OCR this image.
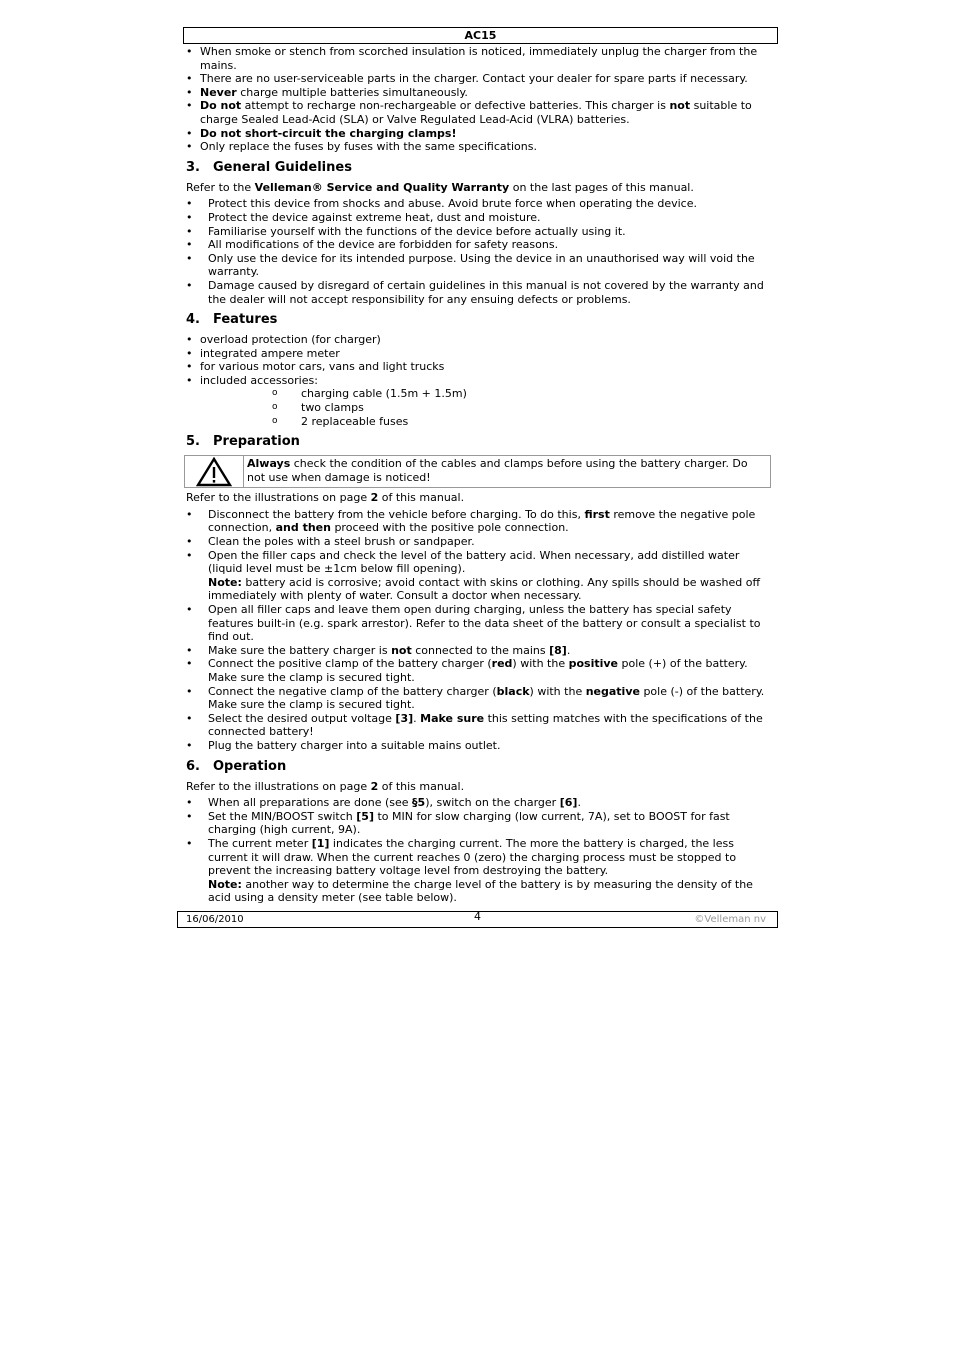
AC15
• When smoke or stench from scorched insulation is noticed, immediately unplug the charger from the mains.
• There are no user-serviceable parts in the charger. Contact your dealer for spare parts if necessary.
• Never charge multiple batteries simultaneously.
• Do not attempt to recharge non-rechargeable or defective batteries. This charger is not suitable to charge Sealed Lead-Acid (SLA) or Valve Regulated Lead-Acid (VLRA) batteries.
• Do not short-circuit the charging clamps!
• Only replace the fuses by fuses with the same specifications.
3. General Guidelines
Refer to the Velleman® Service and Quality Warranty on the last pages of this manual.
• Protect this device from shocks and abuse. Avoid brute force when operating the device.
• Protect the device against extreme heat, dust and moisture.
• Familiarise yourself with the functions of the device before actually using it.
• All modifications of the device are forbidden for safety reasons.
• Only use the device for its intended purpose. Using the device in an unauthorised way will void the warranty.
• Damage caused by disregard of certain guidelines in this manual is not covered by the warranty and the dealer will not accept responsibility for any ensuing defects or problems.
4. Features
• overload protection (for charger)
• integrated ampere meter
• for various motor cars, vans and light trucks
• included accessories:
o charging cable (1.5m + 1.5m)
o two clamps
o 2 replaceable fuses
5. Preparation
Always check the condition of the cables and clamps before using the battery charger. Do not use when damage is noticed!
Refer to the illustrations on page 2 of this manual.
• Disconnect the battery from the vehicle before charging. To do this, first remove the negative pole connection, and then proceed with the positive pole connection.
• Clean the poles with a steel brush or sandpaper.
• Open the filler caps and check the level of the battery acid. When necessary, add distilled water (liquid level must be ±1cm below fill opening).
Note: battery acid is corrosive; avoid contact with skins or clothing. Any spills should be washed off immediately with plenty of water. Consult a doctor when necessary.
• Open all filler caps and leave them open during charging, unless the battery has special safety features built-in (e.g. spark arrestor). Refer to the data sheet of the battery or consult a specialist to find out.
• Make sure the battery charger is not connected to the mains [8].
• Connect the positive clamp of the battery charger (red) with the positive pole (+) of the battery. Make sure the clamp is secured tight.
• Connect the negative clamp of the battery charger (black) with the negative pole (-) of the battery. Make sure the clamp is secured tight.
• Select the desired output voltage [3]. Make sure this setting matches with the specifications of the connected battery!
• Plug the battery charger into a suitable mains outlet.
6. Operation
Refer to the illustrations on page 2 of this manual.
• When all preparations are done (see §5), switch on the charger [6].
• Set the MIN/BOOST switch [5] to MIN for slow charging (low current, 7A), set to BOOST for fast charging (high current, 9A).
• The current meter [1] indicates the charging current. The more the battery is charged, the less current it will draw. When the current reaches 0 (zero) the charging process must be stopped to prevent the increasing battery voltage level from destroying the battery.
Note: another way to determine the charge level of the battery is by measuring the density of the acid using a density meter (see table below).
16/06/2010	4	©Velleman nv
